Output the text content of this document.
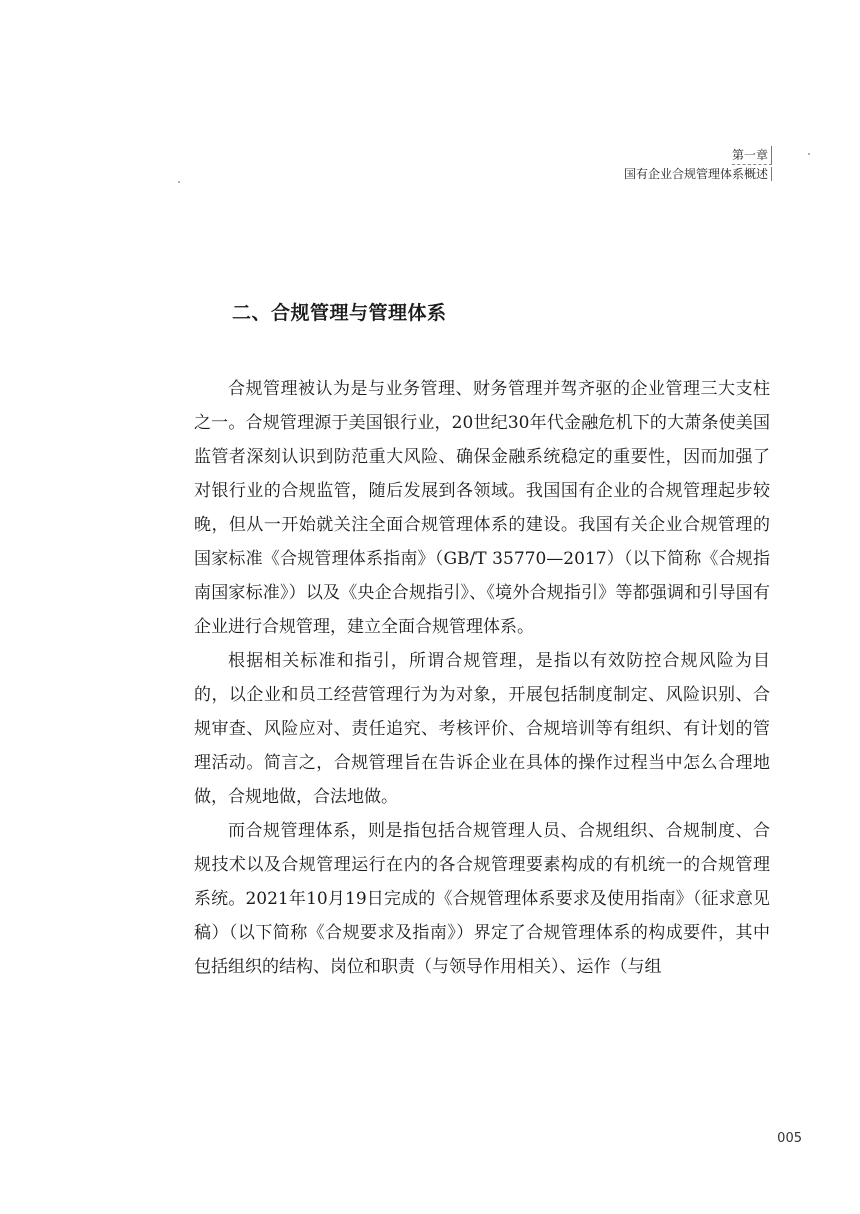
第一章
国有企业合规管理体系概述
二、合规管理与管理体系

合规管理被认为是与业务管理、财务管理并驾齐驱的企业管理三大支柱之一。合规管理源于美国银行业，20世纪30年代金融危机下的大萧条使美国监管者深刻认识到防范重大风险、确保金融系统稳定的重要性，因而加强了对银行业的合规监管，随后发展到各领域。我国国有企业的合规管理起步较晚，但从一开始就关注全面合规管理体系的建设。我国有关企业合规管理的国家标准《合规管理体系指南》（GB/T 35770—2017）（以下简称《合规指南国家标准》）以及《央企合规指引》、《境外合规指引》等都强调和引导国有企业进行合规管理，建立全面合规管理体系。

根据相关标准和指引，所谓合规管理，是指以有效防控合规风险为目的，以企业和员工经营管理行为为对象，开展包括制度制定、风险识别、合规审查、风险应对、责任追究、考核评价、合规培训等有组织、有计划的管理活动。简言之，合规管理旨在告诉企业在具体的操作过程当中怎么合理地做，合规地做，合法地做。

而合规管理体系，则是指包括合规管理人员、合规组织、合规制度、合规技术以及合规管理运行在内的各合规管理要素构成的有机统一的合规管理系统。2021年10月19日完成的《合规管理体系要求及使用指南》（征求意见稿）（以下简称《合规要求及指南》）界定了合规管理体系的构成要件，其中包括组织的结构、岗位和职责（与领导作用相关）、运作（与组

005
